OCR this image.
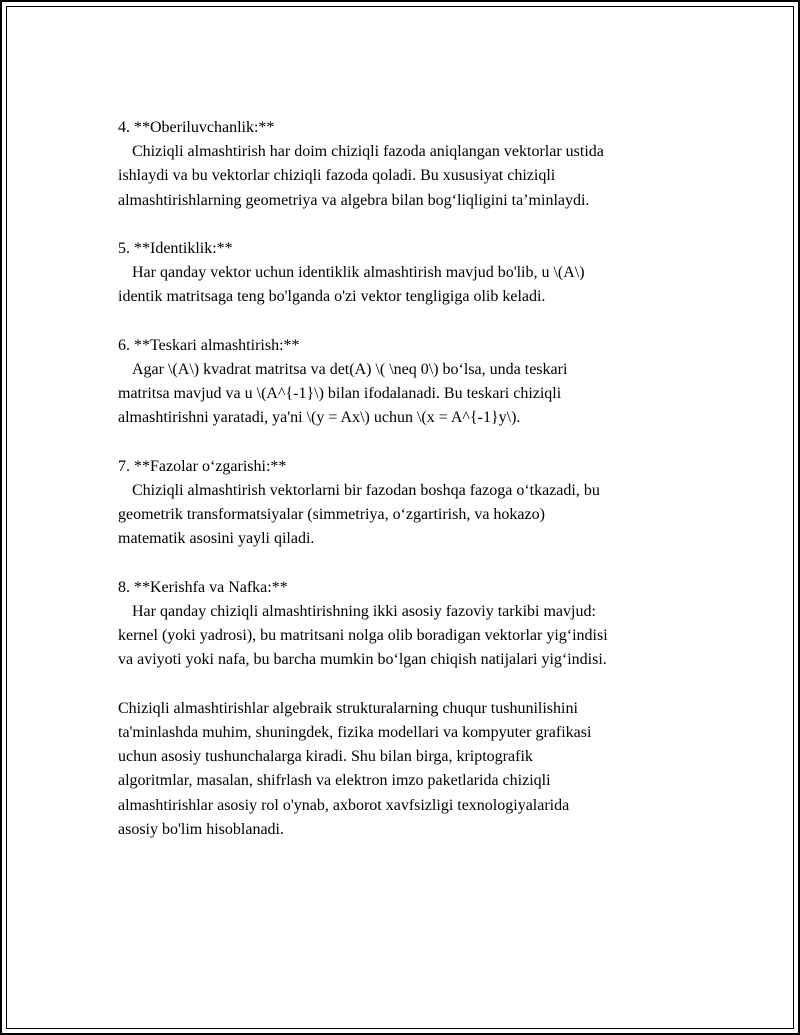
4. **Oberiluvchanlik:**
Chiziqli almashtirish har doim chiziqli fazoda aniqlangan vektorlar ustida
ishlaydi va bu vektorlar chiziqli fazoda qoladi. Bu xususiyat chiziqli
almashtirishlarning geometriya va algebra bilan bog‘liqligini ta’minlaydi.
5. **Identiklik:**
Har qanday vektor uchun identiklik almashtirish mavjud bo'lib, u \(A\)
identik matritsaga teng bo'lganda o'zi vektor tengligiga olib keladi.
6. **Teskari almashtirish:**
Agar \(A\) kvadrat matritsa va det(A) \( \neq 0\) bo‘lsa, unda teskari
matritsa mavjud va u \(A^{-1}\) bilan ifodalanadi. Bu teskari chiziqli
almashtirishni yaratadi, ya'ni \(y = Ax\) uchun \(x = A^{-1}y\).
7. **Fazolar o‘zgarishi:**
Chiziqli almashtirish vektorlarni bir fazodan boshqa fazoga o‘tkazadi, bu
geometrik transformatsiyalar (simmetriya, o‘zgartirish, va hokazo)
matematik asosini yayli qiladi.
8. **Kerishfa va Nafka:**
Har qanday chiziqli almashtirishning ikki asosiy fazoviy tarkibi mavjud:
kernel (yoki yadrosi), bu matritsani nolga olib boradigan vektorlar yig‘indisi
va aviyoti yoki nafa, bu barcha mumkin bo‘lgan chiqish natijalari yig‘indisi.
Chiziqli almashtirishlar algebraik strukturalarning chuqur tushunilishini
ta'minlashda muhim, shuningdek, fizika modellari va kompyuter grafikasi
uchun asosiy tushunchalarga kiradi. Shu bilan birga, kriptografik
algoritmlar, masalan, shifrlash va elektron imzo paketlarida chiziqli
almashtirishlar asosiy rol o'ynab, axborot xavfsizligi texnologiyalarida
asosiy bo'lim hisoblanadi.
